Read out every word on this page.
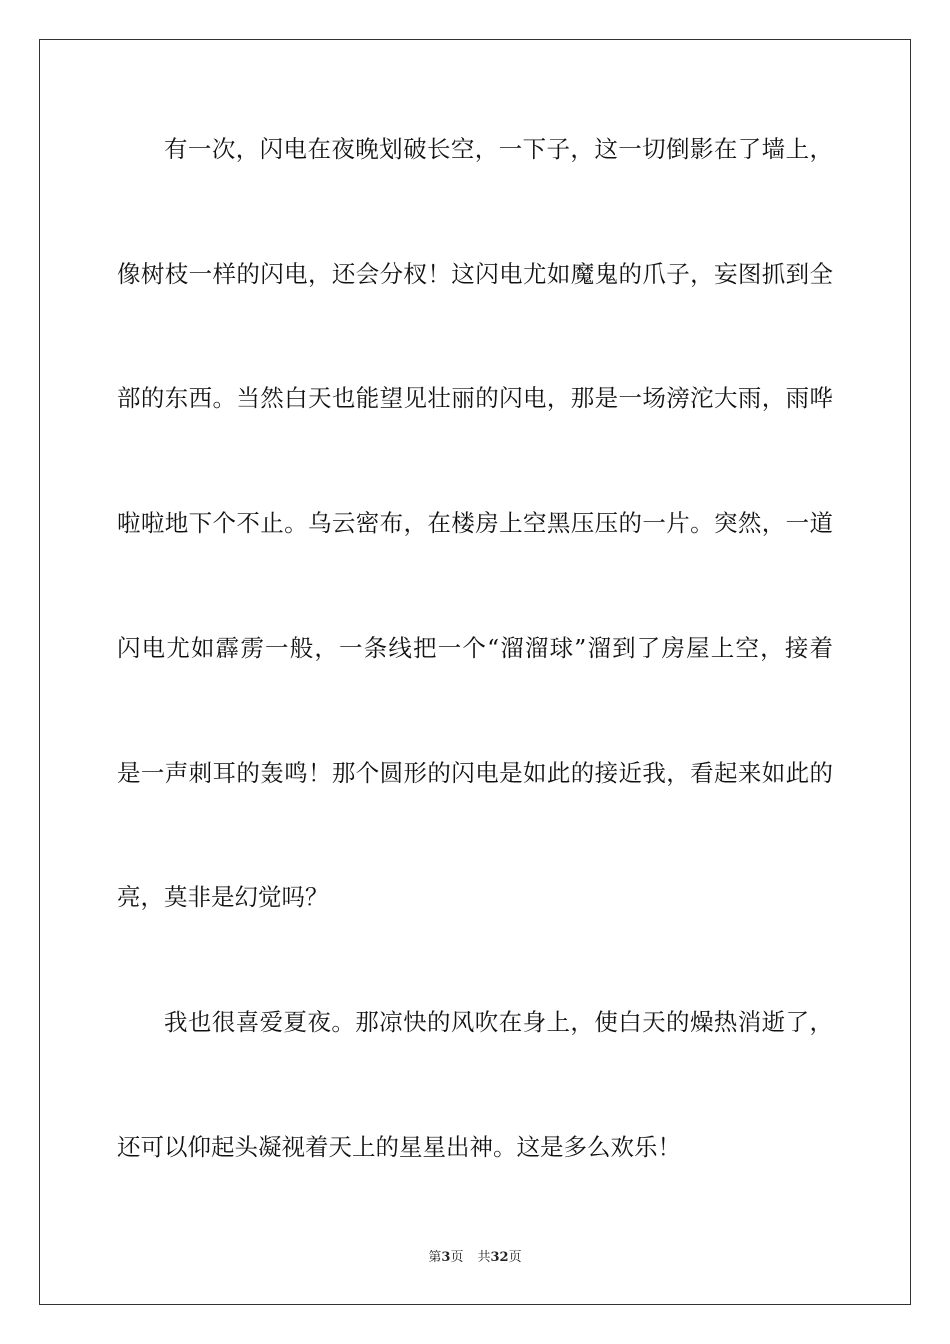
有一次，闪电在夜晚划破长空，一下子，这一切倒影在了墙上，
像树枝一样的闪电，还会分杈！这闪电尤如魔鬼的爪子，妄图抓到全
部的东西。当然白天也能望见壮丽的闪电，那是一场滂沱大雨，雨哗
啦啦地下个不止。乌云密布，在楼房上空黑压压的一片。突然，一道
闪电尤如霹雳一般，一条线把一个“溜溜球”溜到了房屋上空，接着
是一声刺耳的轰鸣！那个圆形的闪电是如此的接近我，看起来如此的
亮，莫非是幻觉吗？
我也很喜爱夏夜。那凉快的风吹在身上，使白天的燥热消逝了，
还可以仰起头凝视着天上的星星出神。这是多么欢乐！
第3页 共32页
